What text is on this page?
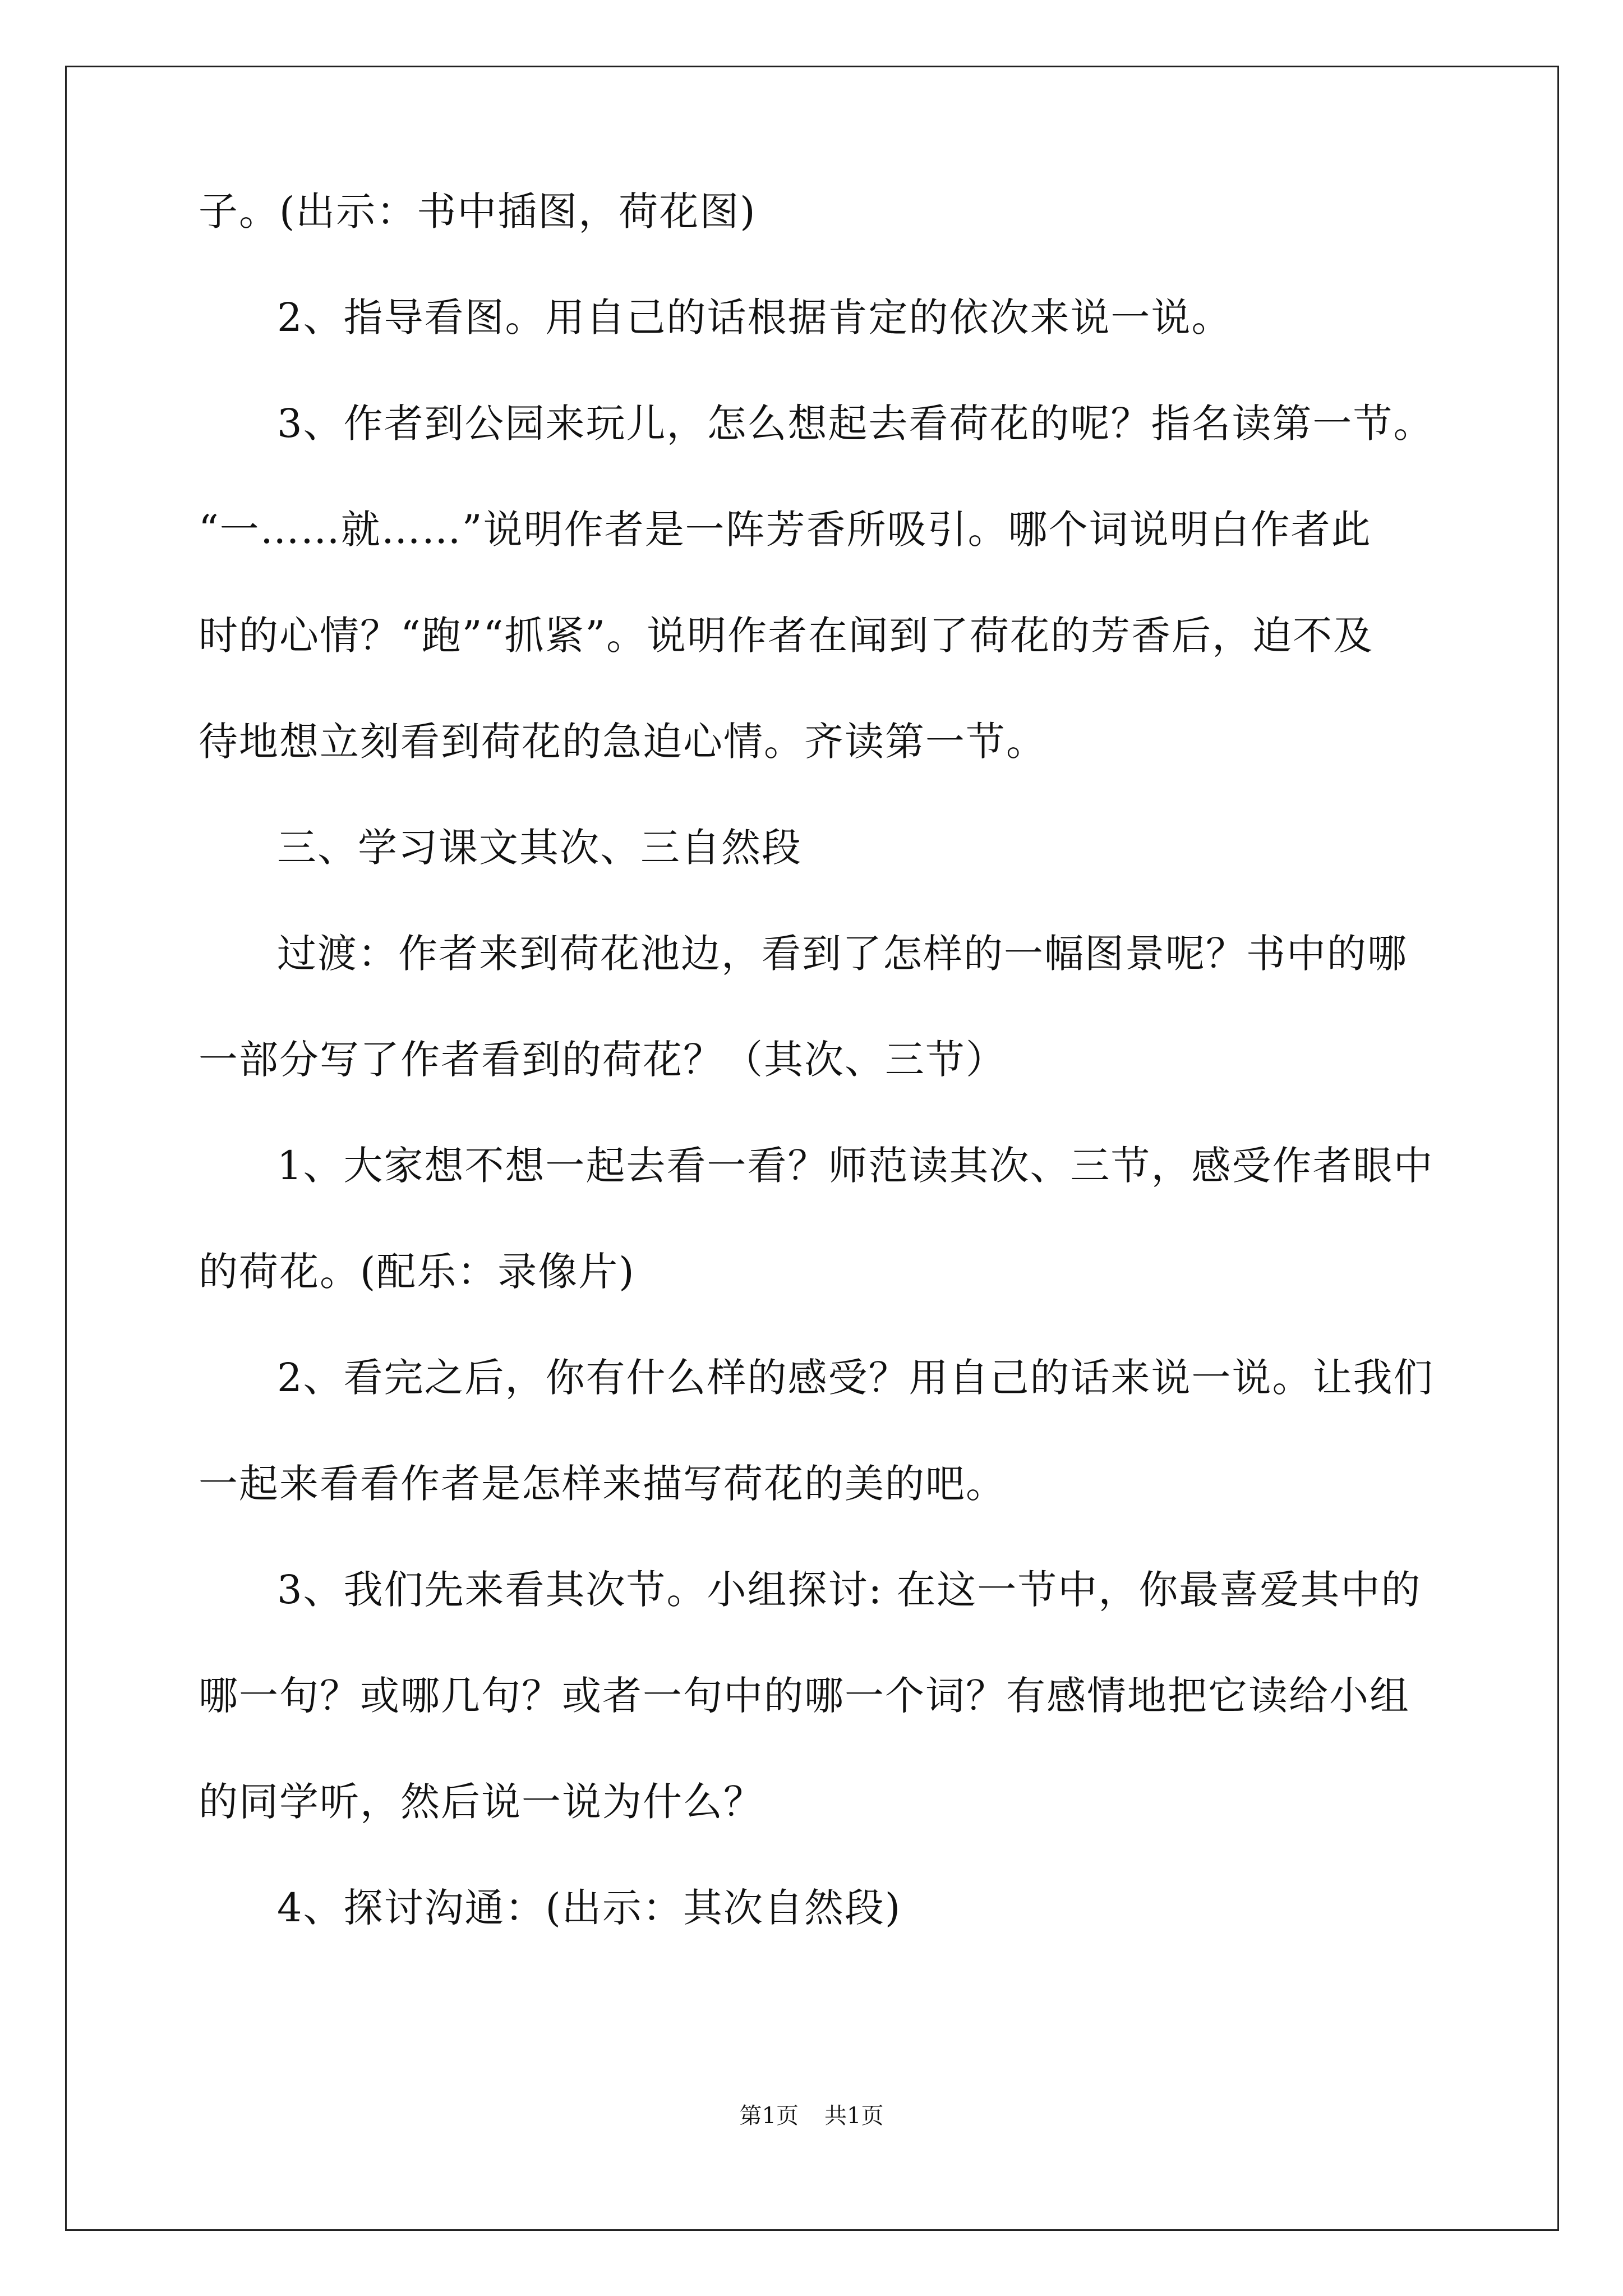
子。(出示：书中插图，荷花图)
2、指导看图。用自己的话根据肯定的依次来说一说。
3、作者到公园来玩儿，怎么想起去看荷花的呢？指名读第一节。
“一……就……”说明作者是一阵芳香所吸引。哪个词说明白作者此
时的心情？“跑”“抓紧”。说明作者在闻到了荷花的芳香后，迫不及
待地想立刻看到荷花的急迫心情。齐读第一节。
三、学习课文其次、三自然段
过渡：作者来到荷花池边，看到了怎样的一幅图景呢？书中的哪
一部分写了作者看到的荷花？（其次、三节）
1、大家想不想一起去看一看？师范读其次、三节，感受作者眼中
的荷花。(配乐：录像片)
2、看完之后，你有什么样的感受？用自己的话来说一说。让我们
一起来看看作者是怎样来描写荷花的美的吧。
3、我们先来看其次节。小组探讨: 在这一节中，你最喜爱其中的
哪一句？或哪几句？或者一句中的哪一个词？有感情地把它读给小组
的同学听，然后说一说为什么？
4、探讨沟通：(出示：其次自然段)
第1页 共1页
